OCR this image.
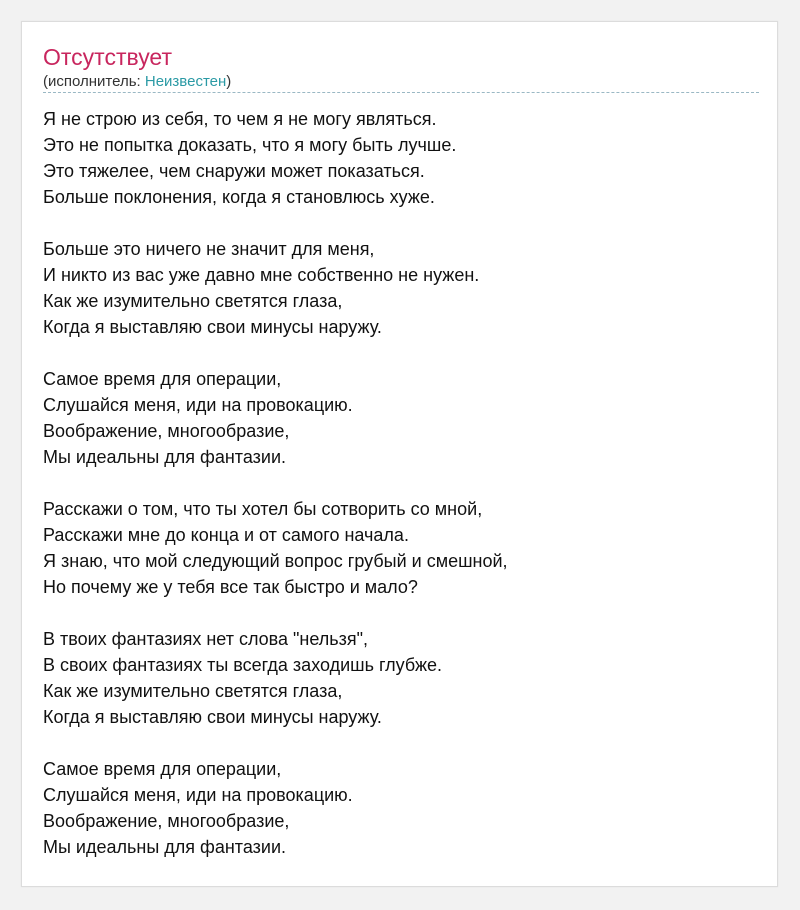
Отсутствует
(исполнитель: Неизвестен)
Я не строю из себя, то чем я не могу являться.
Это не попытка доказать, что я могу быть лучше.
Это тяжелее, чем снаружи может показаться.
Больше поклонения, когда я становлюсь хуже.
Больше это ничего не значит для меня,
И никто из вас уже давно мне собственно не нужен.
Как же изумительно светятся глаза,
Когда я выставляю свои минусы наружу.
Самое время для операции,
Слушайся меня, иди на провокацию.
Воображение, многообразие,
Мы идеальны для фантазии.
Расскажи о том, что ты хотел бы сотворить со мной,
Расскажи мне до конца и от самого начала.
Я знаю, что мой следующий вопрос грубый и смешной,
Но почему же у тебя все так быстро и мало?
В твоих фантазиях нет слова "нельзя",
В своих фантазиях ты всегда заходишь глубже.
Как же изумительно светятся глаза,
Когда я выставляю свои минусы наружу.
Самое время для операции,
Слушайся меня, иди на провокацию.
Воображение, многообразие,
Мы идеальны для фантазии.
